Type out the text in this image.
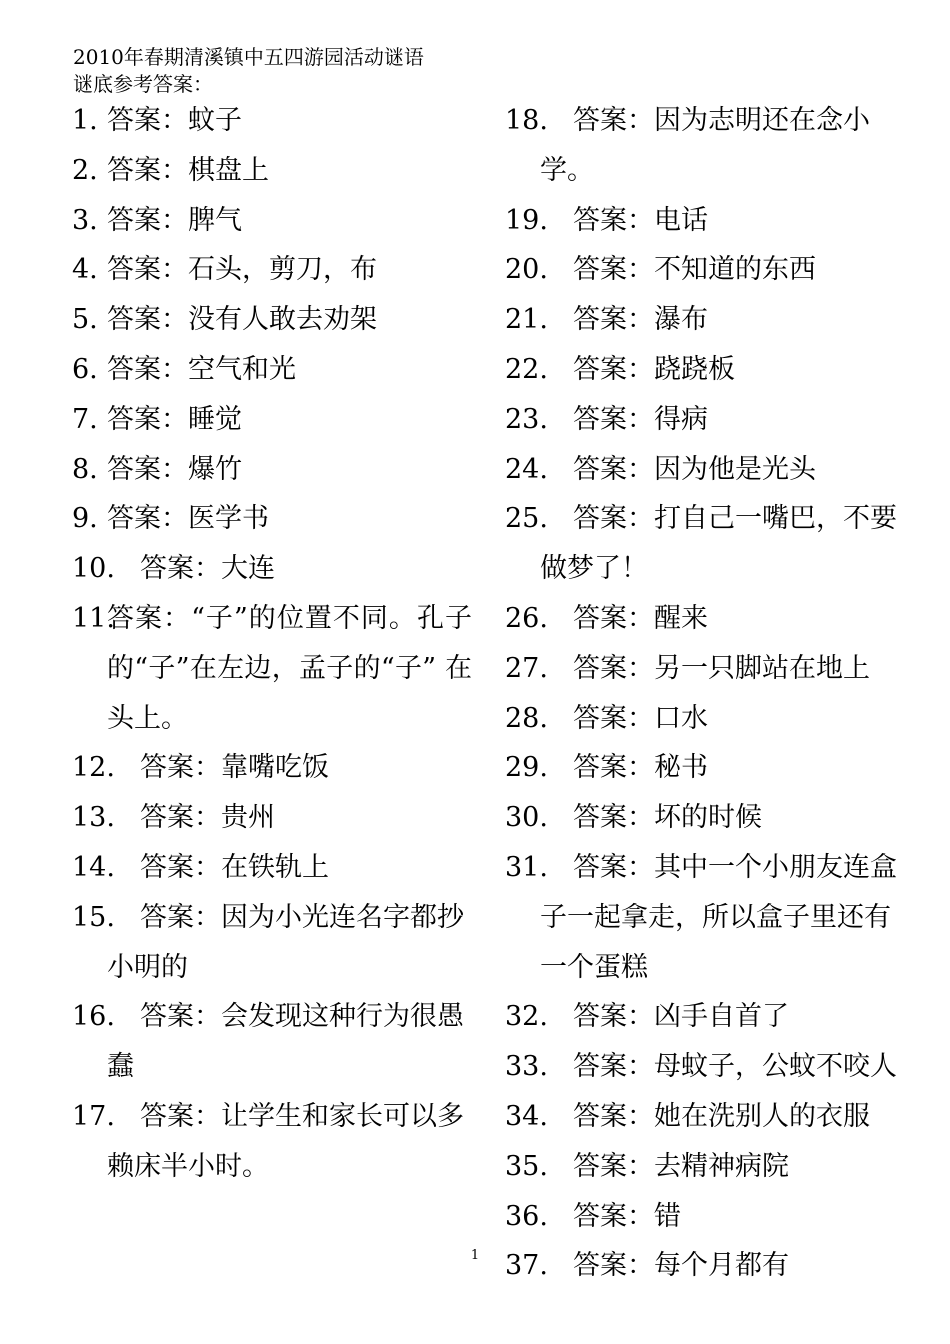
2010年春期清溪镇中五四游园活动谜语
谜底参考答案：
1. 答案：蚊子
2. 答案：棋盘上
3. 答案：脾气
4. 答案：石头，剪刀，布
5. 答案：没有人敢去劝架
6. 答案：空气和光
7. 答案：睡觉
8. 答案：爆竹
9. 答案：医学书
10. 答案：大连
11.
答案：“子”的位置不同。孔子的“子”在左边，孟子的“子” 在头上。
12. 答案：靠嘴吃饭
13. 答案：贵州
14. 答案：在铁轨上
15. 答案：因为小光连名字都抄小明的
16. 答案：会发现这种行为很愚蠢
17. 答案：让学生和家长可以多赖床半小时。
18. 答案：因为志明还在念小学。
19. 答案：电话
20. 答案：不知道的东西
21. 答案：瀑布
22. 答案：跷跷板
23. 答案：得病
24. 答案：因为他是光头
25. 答案：打自己一嘴巴，不要做梦了！
26. 答案：醒来
27. 答案：另一只脚站在地上
28. 答案：口水
29. 答案：秘书
30. 答案：坏的时候
31. 答案：其中一个小朋友连盒子一起拿走，所以盒子里还有一个蛋糕
32. 答案：凶手自首了
33. 答案：母蚊子，公蚊不咬人
34. 答案：她在洗别人的衣服
35. 答案：去精神病院
36. 答案：错
37. 答案：每个月都有
1
